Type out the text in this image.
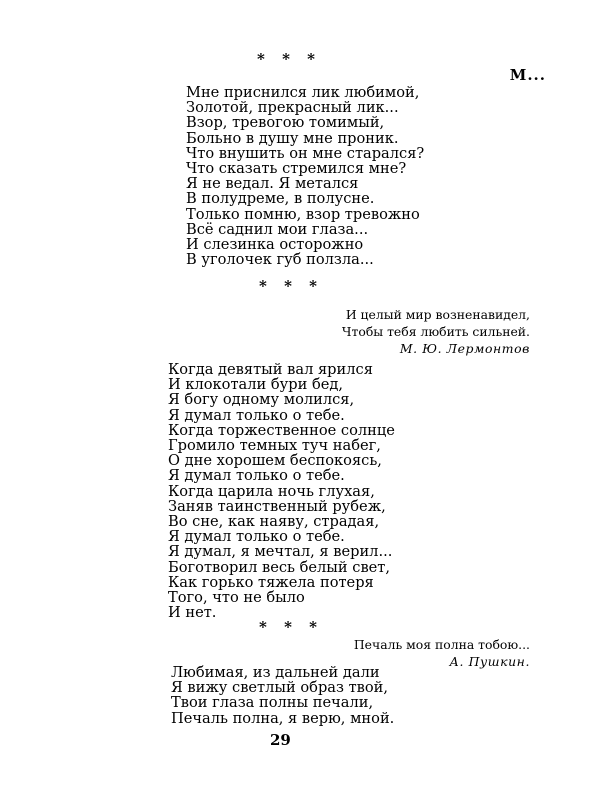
* * *
М...
Мне приснился лик любимой,
Золотой, прекрасный лик...
Взор, тревогою томимый,
Больно в душу мне проник.
Что внушить он мне старался?
Что сказать стремился мне?
Я не ведал. Я метался
В полудреме, в полусне.
Только помню, взор тревожно
Всё саднил мои глаза...
И слезинка осторожно
В уголочек губ ползла...
* * *
И целый мир возненавидел,
Чтобы тебя любить сильней.
М. Ю. Лермонтов
Когда девятый вал ярился
И клокотали бури бед,
Я богу одному молился,
Я думал только о тебе.
Когда торжественное солнце
Громило темных туч набег,
О дне хорошем беспокоясь,
Я думал только о тебе.
Когда царила ночь глухая,
Заняв таинственный рубеж,
Во сне, как наяву, страдая,
Я думал только о тебе.
Я думал, я мечтал, я верил...
Боготворил весь белый свет,
Как горько тяжела потеря
Того, что не было
И нет.
* * *
Печаль моя полна тобою...
А. Пушкин.
Любимая, из дальней дали
Я вижу светлый образ твой,
Твои глаза полны печали,
Печаль полна, я верю, мной.
29
